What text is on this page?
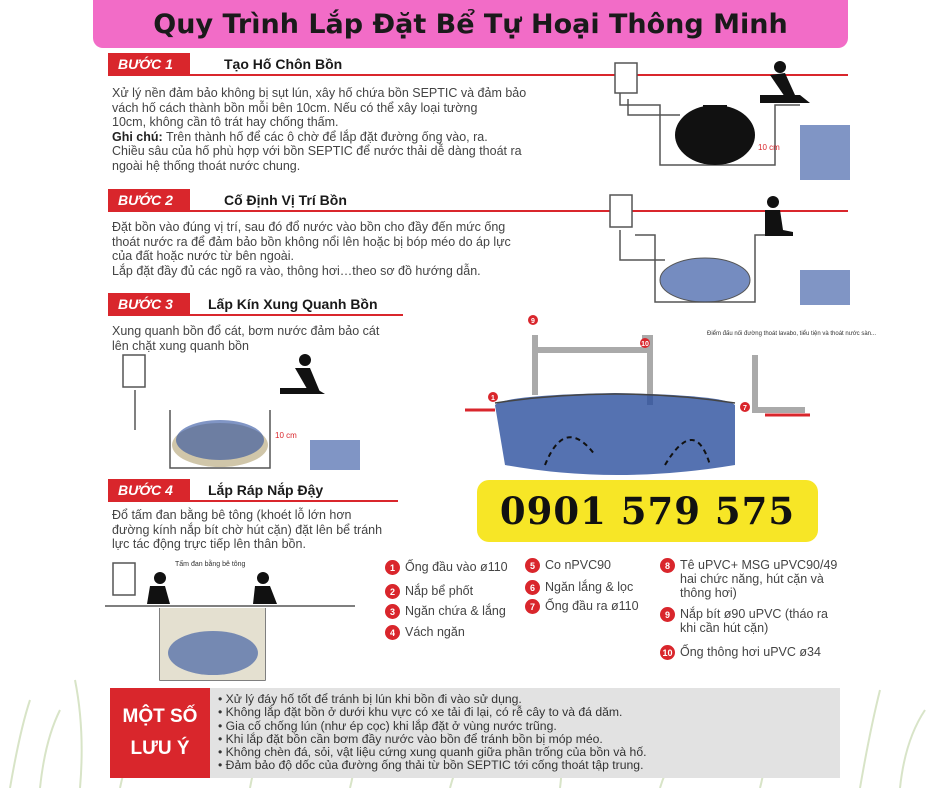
Quy Trình Lắp Đặt Bể Tự Hoại Thông Minh
BƯỚC 1	Tạo Hố Chôn Bồn
Xử lý nền đảm bảo không bị sụt lún, xây hố chứa bồn SEPTIC và đảm bảo
vách hố cách thành bồn mỗi bên 10cm. Nếu có thể xây loại tường
10cm, không cần tô trát hay chống thấm.
Ghi chú: Trên thành hố để các ô chờ để lắp đặt đường ống vào, ra.
Chiều sâu của hố phù hợp với bồn SEPTIC để nước thải dễ dàng thoát ra
ngoài hệ thống thoát nước chung.
10 cm
BƯỚC 2	Cố Định Vị Trí Bồn
Đặt bồn vào đúng vị trí, sau đó đổ nước vào bồn cho đầy đến mức ống
thoát nước ra để đảm bảo bồn không nổi lên hoặc bị bóp méo do áp lực
của đất hoặc nước từ bên ngoài.
Lắp đặt đầy đủ các ngõ ra vào, thông hơi…theo sơ đồ hướng dẫn.
BƯỚC 3	Lấp Kín Xung Quanh Bồn
Xung quanh bồn đổ cát, bơm nước đảm bảo cát
lên chặt xung quanh bồn
10 cm
BƯỚC 4	Lắp Ráp Nắp Đậy
Đổ tấm đan bằng bê tông (khoét lỗ lớn hơn
đường kính nắp bít chờ hút cặn) đặt lên bể tránh
lực tác động trực tiếp lên thân bồn.
Tấm đan bằng bê tông
1
9
10
7
Điểm đấu nối đường thoát lavabo, tiểu tiện và thoát nước sàn...
0901 579 575
1 Ống đầu vào ø110
2 Nắp bể phốt
3 Ngăn chứa & lắng
4 Vách ngăn
5 Co nPVC90
6 Ngăn lắng & lọc
7 Ống đầu ra ø110
8 Tê uPVC+ MSG uPVC90/49 hai chức năng, hút cặn và thông hơi)
9 Nắp bít ø90 uPVC (tháo ra khi cần hút cặn)
10 Ống thông hơi uPVC ø34
MỘT SỐ
LƯU Ý
• Xử lý đáy hố tốt để tránh bị lún khi bồn đi vào sử dụng.
• Không lắp đặt bồn ở dưới khu vực có xe tải đi lại, có rễ cây to và đá dăm.
• Gia cố chống lún (như ép cọc) khi lắp đặt ở vùng nước trũng.
• Khi lắp đặt bồn cần bơm đầy nước vào bồn để tránh bồn bị móp méo.
• Không chèn đá, sỏi, vật liệu cứng xung quanh giữa phần trống của bồn và hố.
• Đảm bảo độ dốc của đường ống thải từ bồn SEPTIC tới cống thoát tập trung.
